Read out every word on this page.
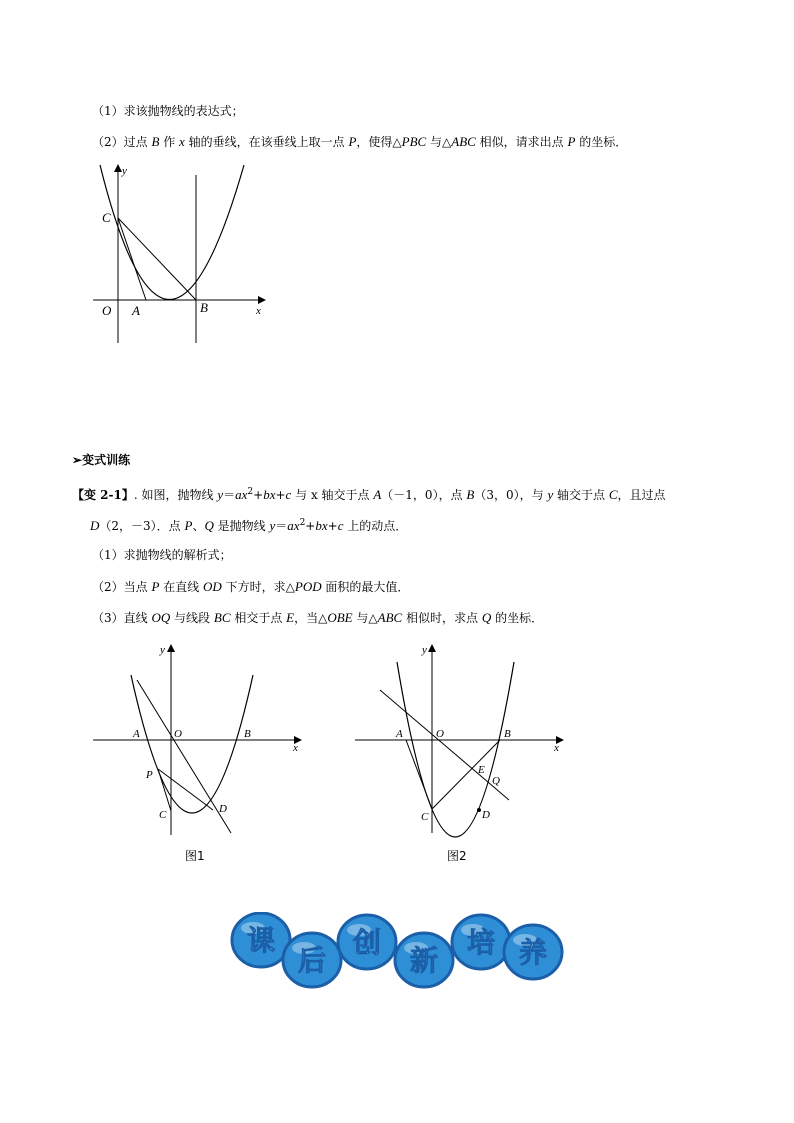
（1）求该抛物线的表达式；
（2）过点 B 作 x 轴的垂线，在该垂线上取一点 P，使得△PBC 与△ABC 相似，请求出点 P 的坐标．
y
C
O A	B	x
➢变式训练
【变 2-1】. 如图，抛物线 $y=ax^2+bx+c$ 与 x 轴交于点 A（－1，0），点 B（3，0），与 y 轴交于点 C，且过点
D（2，－3）．点 P、Q 是抛物线 $y=ax^2+bx+c$ 上的动点．
（1）求抛物线的解析式；
（2）当点 P 在直线 OD 下方时，求△POD 面积的最大值．
（3）直线 OQ 与线段 BC 相交于点 E，当△OBE 与△ABC 相似时，求点 Q 的坐标．
y
A	O	B
x
P
C	D
图1
y
A	O	B
x
E
Q
C	D
图2
课
后
创
新
培 养
